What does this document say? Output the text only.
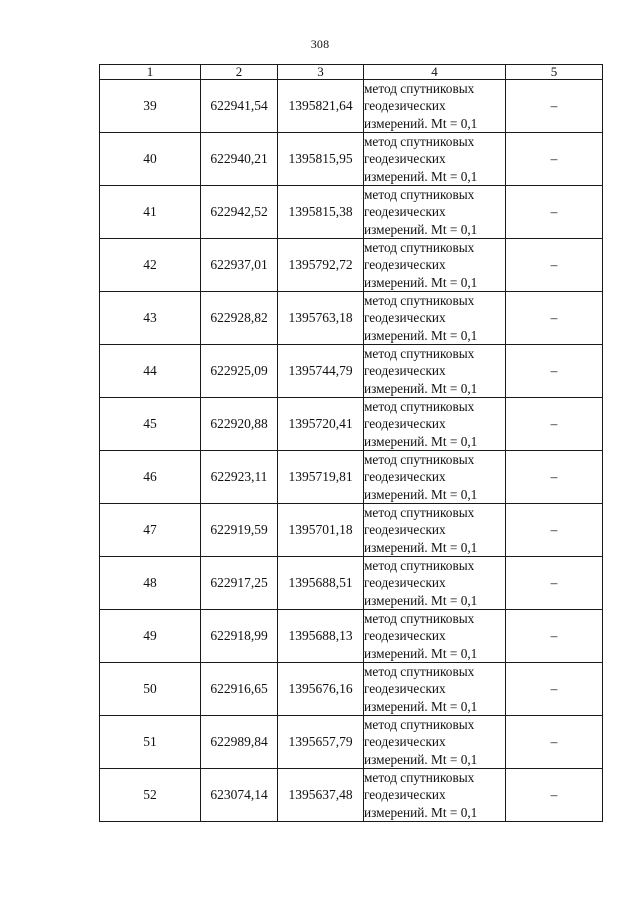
308
1	2	3	4	5
39	622941,54	1395821,64	метод спутниковых
геодезических
измерений. Mt = 0,1	–
40	622940,21	1395815,95	метод спутниковых
геодезических
измерений. Mt = 0,1	–
41	622942,52	1395815,38	метод спутниковых
геодезических
измерений. Mt = 0,1	–
42	622937,01	1395792,72	метод спутниковых
геодезических
измерений. Mt = 0,1	–
43	622928,82	1395763,18	метод спутниковых
геодезических
измерений. Mt = 0,1	–
44	622925,09	1395744,79	метод спутниковых
геодезических
измерений. Mt = 0,1	–
45	622920,88	1395720,41	метод спутниковых
геодезических
измерений. Mt = 0,1	–
46	622923,11	1395719,81	метод спутниковых
геодезических
измерений. Mt = 0,1	–
47	622919,59	1395701,18	метод спутниковых
геодезических
измерений. Mt = 0,1	–
48	622917,25	1395688,51	метод спутниковых
геодезических
измерений. Mt = 0,1	–
49	622918,99	1395688,13	метод спутниковых
геодезических
измерений. Mt = 0,1	–
50	622916,65	1395676,16	метод спутниковых
геодезических
измерений. Mt = 0,1	–
51	622989,84	1395657,79	метод спутниковых
геодезических
измерений. Mt = 0,1	–
52	623074,14	1395637,48	метод спутниковых
геодезических
измерений. Mt = 0,1	–
